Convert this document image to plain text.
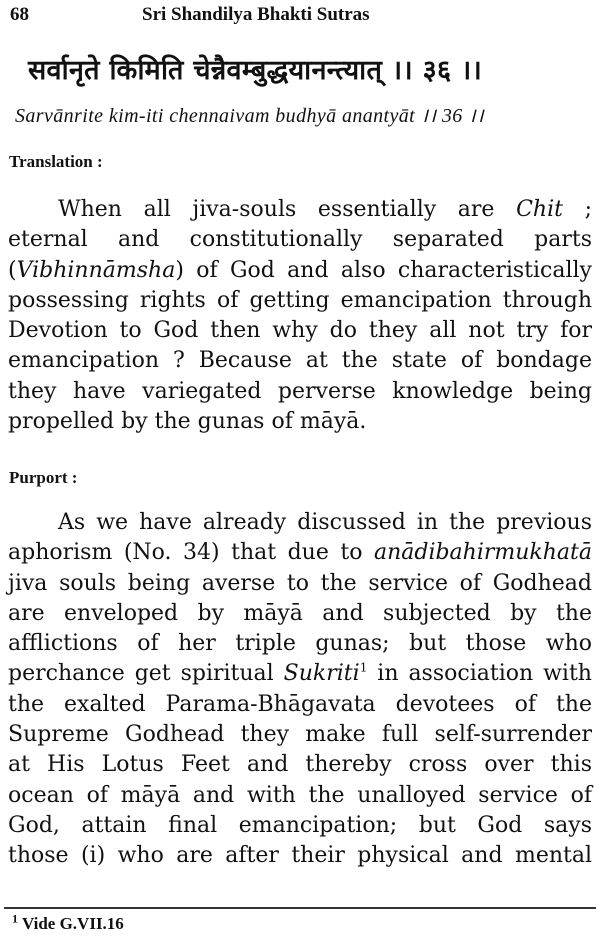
68	Sri Shandilya Bhakti Sutras
सर्वानृते किमिति चेन्नैवम्बुद्धयानन्त्यात् ।। ३६ ।।
Sarvānrite kim-iti chennaivam budhyā anantyāt ।। 36 ।।
Translation :
When all jiva-souls essentially are Chit ;
eternal and constitutionally separated parts
(Vibhinnāmsha) of God and also characteristically
possessing rights of getting emancipation through
Devotion to God then why do they all not try for
emancipation ? Because at the state of bondage
they have variegated perverse knowledge being
propelled by the gunas of māyā.
Purport :
As we have already discussed in the previous
aphorism (No. 34) that due to anādibahirmukhatā
jiva souls being averse to the service of Godhead
are enveloped by māyā and subjected by the
afflictions of her triple gunas; but those who
perchance get spiritual Sukriti$^1$ in association with
the exalted Parama-Bhāgavata devotees of the
Supreme Godhead they make full self-surrender
at His Lotus Feet and thereby cross over this
ocean of māyā and with the unalloyed service of
God, attain final emancipation; but God says
those (i) who are after their physical and mental
$^1$ Vide G.VII.16
